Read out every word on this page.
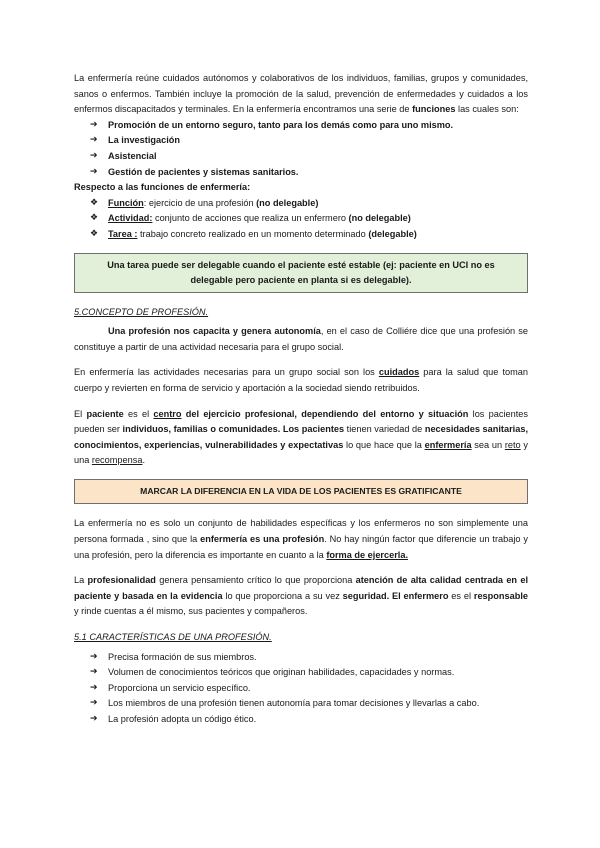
La enfermería reúne cuidados autónomos y colaborativos de los individuos, familias, grupos y comunidades, sanos o enfermos. También incluye la promoción de la salud, prevención de enfermedades y cuidados a los enfermos discapacitados y terminales. En la enfermería encontramos una serie de funciones las cuales son:

➔ Promoción de un entorno seguro, tanto para los demás como para uno mismo.
➔ La investigación
➔ Asistencial
➔ Gestión de pacientes y sistemas sanitarios.

Respecto a las funciones de enfermería:

❖ Función: ejercicio de una profesión (no delegable)
❖ Actividad: conjunto de acciones que realiza un enfermero (no delegable)
❖ Tarea : trabajo concreto realizado en un momento determinado (delegable)
Una tarea puede ser delegable cuando el paciente esté estable (ej: paciente en UCI no es delegable pero paciente en planta si es delegable).

5.CONCEPTO DE PROFESIÓN.

Una profesión nos capacita y genera autonomía, en el caso de Colliére dice que una profesión se constituye a partir de una actividad necesaria para el grupo social.

En enfermería las actividades necesarias para un grupo social son los cuidados para la salud que toman cuerpo y revierten en forma de servicio y aportación a la sociedad siendo retribuidos.

El paciente es el centro del ejercicio profesional, dependiendo del entorno y situación los pacientes pueden ser individuos, familias o comunidades. Los pacientes tienen variedad de necesidades sanitarias, conocimientos, experiencias, vulnerabilidades y expectativas lo que hace que la enfermería sea un reto y una recompensa.

MARCAR LA DIFERENCIA EN LA VIDA DE LOS PACIENTES ES GRATIFICANTE

La enfermería no es solo un conjunto de habilidades específicas y los enfermeros no son simplemente una persona formada , sino que la enfermería es una profesión. No hay ningún factor que diferencie un trabajo y una profesión, pero la diferencia es importante en cuanto a la forma de ejercerla.

La profesionalidad genera pensamiento crítico lo que proporciona atención de alta calidad centrada en el paciente y basada en la evidencia lo que proporciona a su vez seguridad. El enfermero es el responsable y rinde cuentas a él mismo, sus pacientes y compañeros.

5.1 CARACTERÍSTICAS DE UNA PROFESIÓN.

➔ Precisa formación de sus miembros.
➔ Volumen de conocimientos teóricos que originan habilidades, capacidades y normas.
➔ Proporciona un servicio específico.
➔ Los miembros de una profesión tienen autonomía para tomar decisiones y llevarlas a cabo.
➔ La profesión adopta un código ético.
